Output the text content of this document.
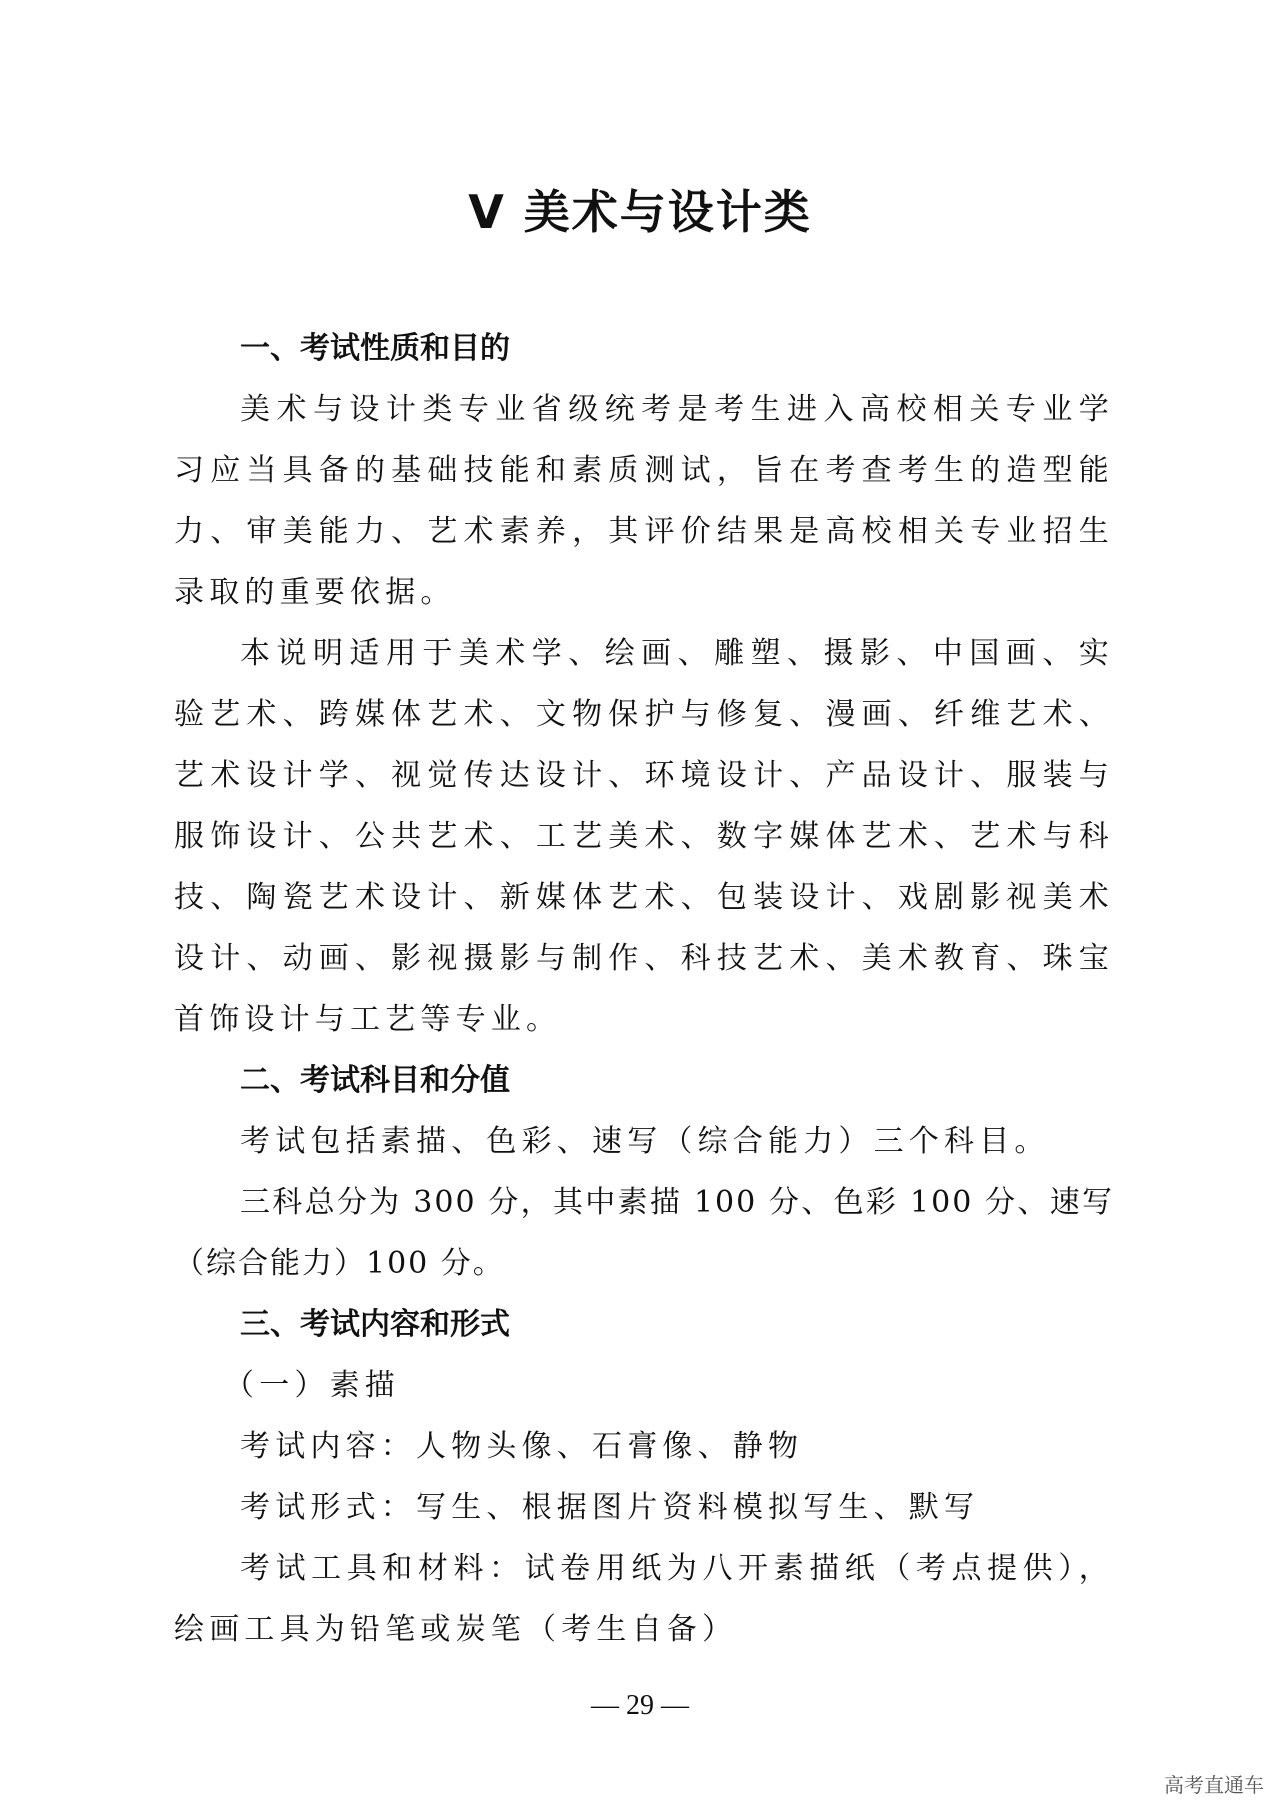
V 美术与设计类
一、考试性质和目的

美术与设计类专业省级统考是考生进入高校相关专业学习应当具备的基础技能和素质测试，旨在考查考生的造型能力、审美能力、艺术素养，其评价结果是高校相关专业招生录取的重要依据。

本说明适用于美术学、绘画、雕塑、摄影、中国画、实验艺术、跨媒体艺术、文物保护与修复、漫画、纤维艺术、艺术设计学、视觉传达设计、环境设计、产品设计、服装与服饰设计、公共艺术、工艺美术、数字媒体艺术、艺术与科技、陶瓷艺术设计、新媒体艺术、包装设计、戏剧影视美术设计、动画、影视摄影与制作、科技艺术、美术教育、珠宝首饰设计与工艺等专业。

二、考试科目和分值

考试包括素描、色彩、速写（综合能力）三个科目。

三科总分为 300 分，其中素描 100 分、色彩 100 分、速写（综合能力）100 分。

三、考试内容和形式

（一）素描

考试内容：人物头像、石膏像、静物

考试形式：写生、根据图片资料模拟写生、默写

考试工具和材料：试卷用纸为八开素描纸（考点提供），绘画工具为铅笔或炭笔（考生自备）

— 29 —
高考直通车
